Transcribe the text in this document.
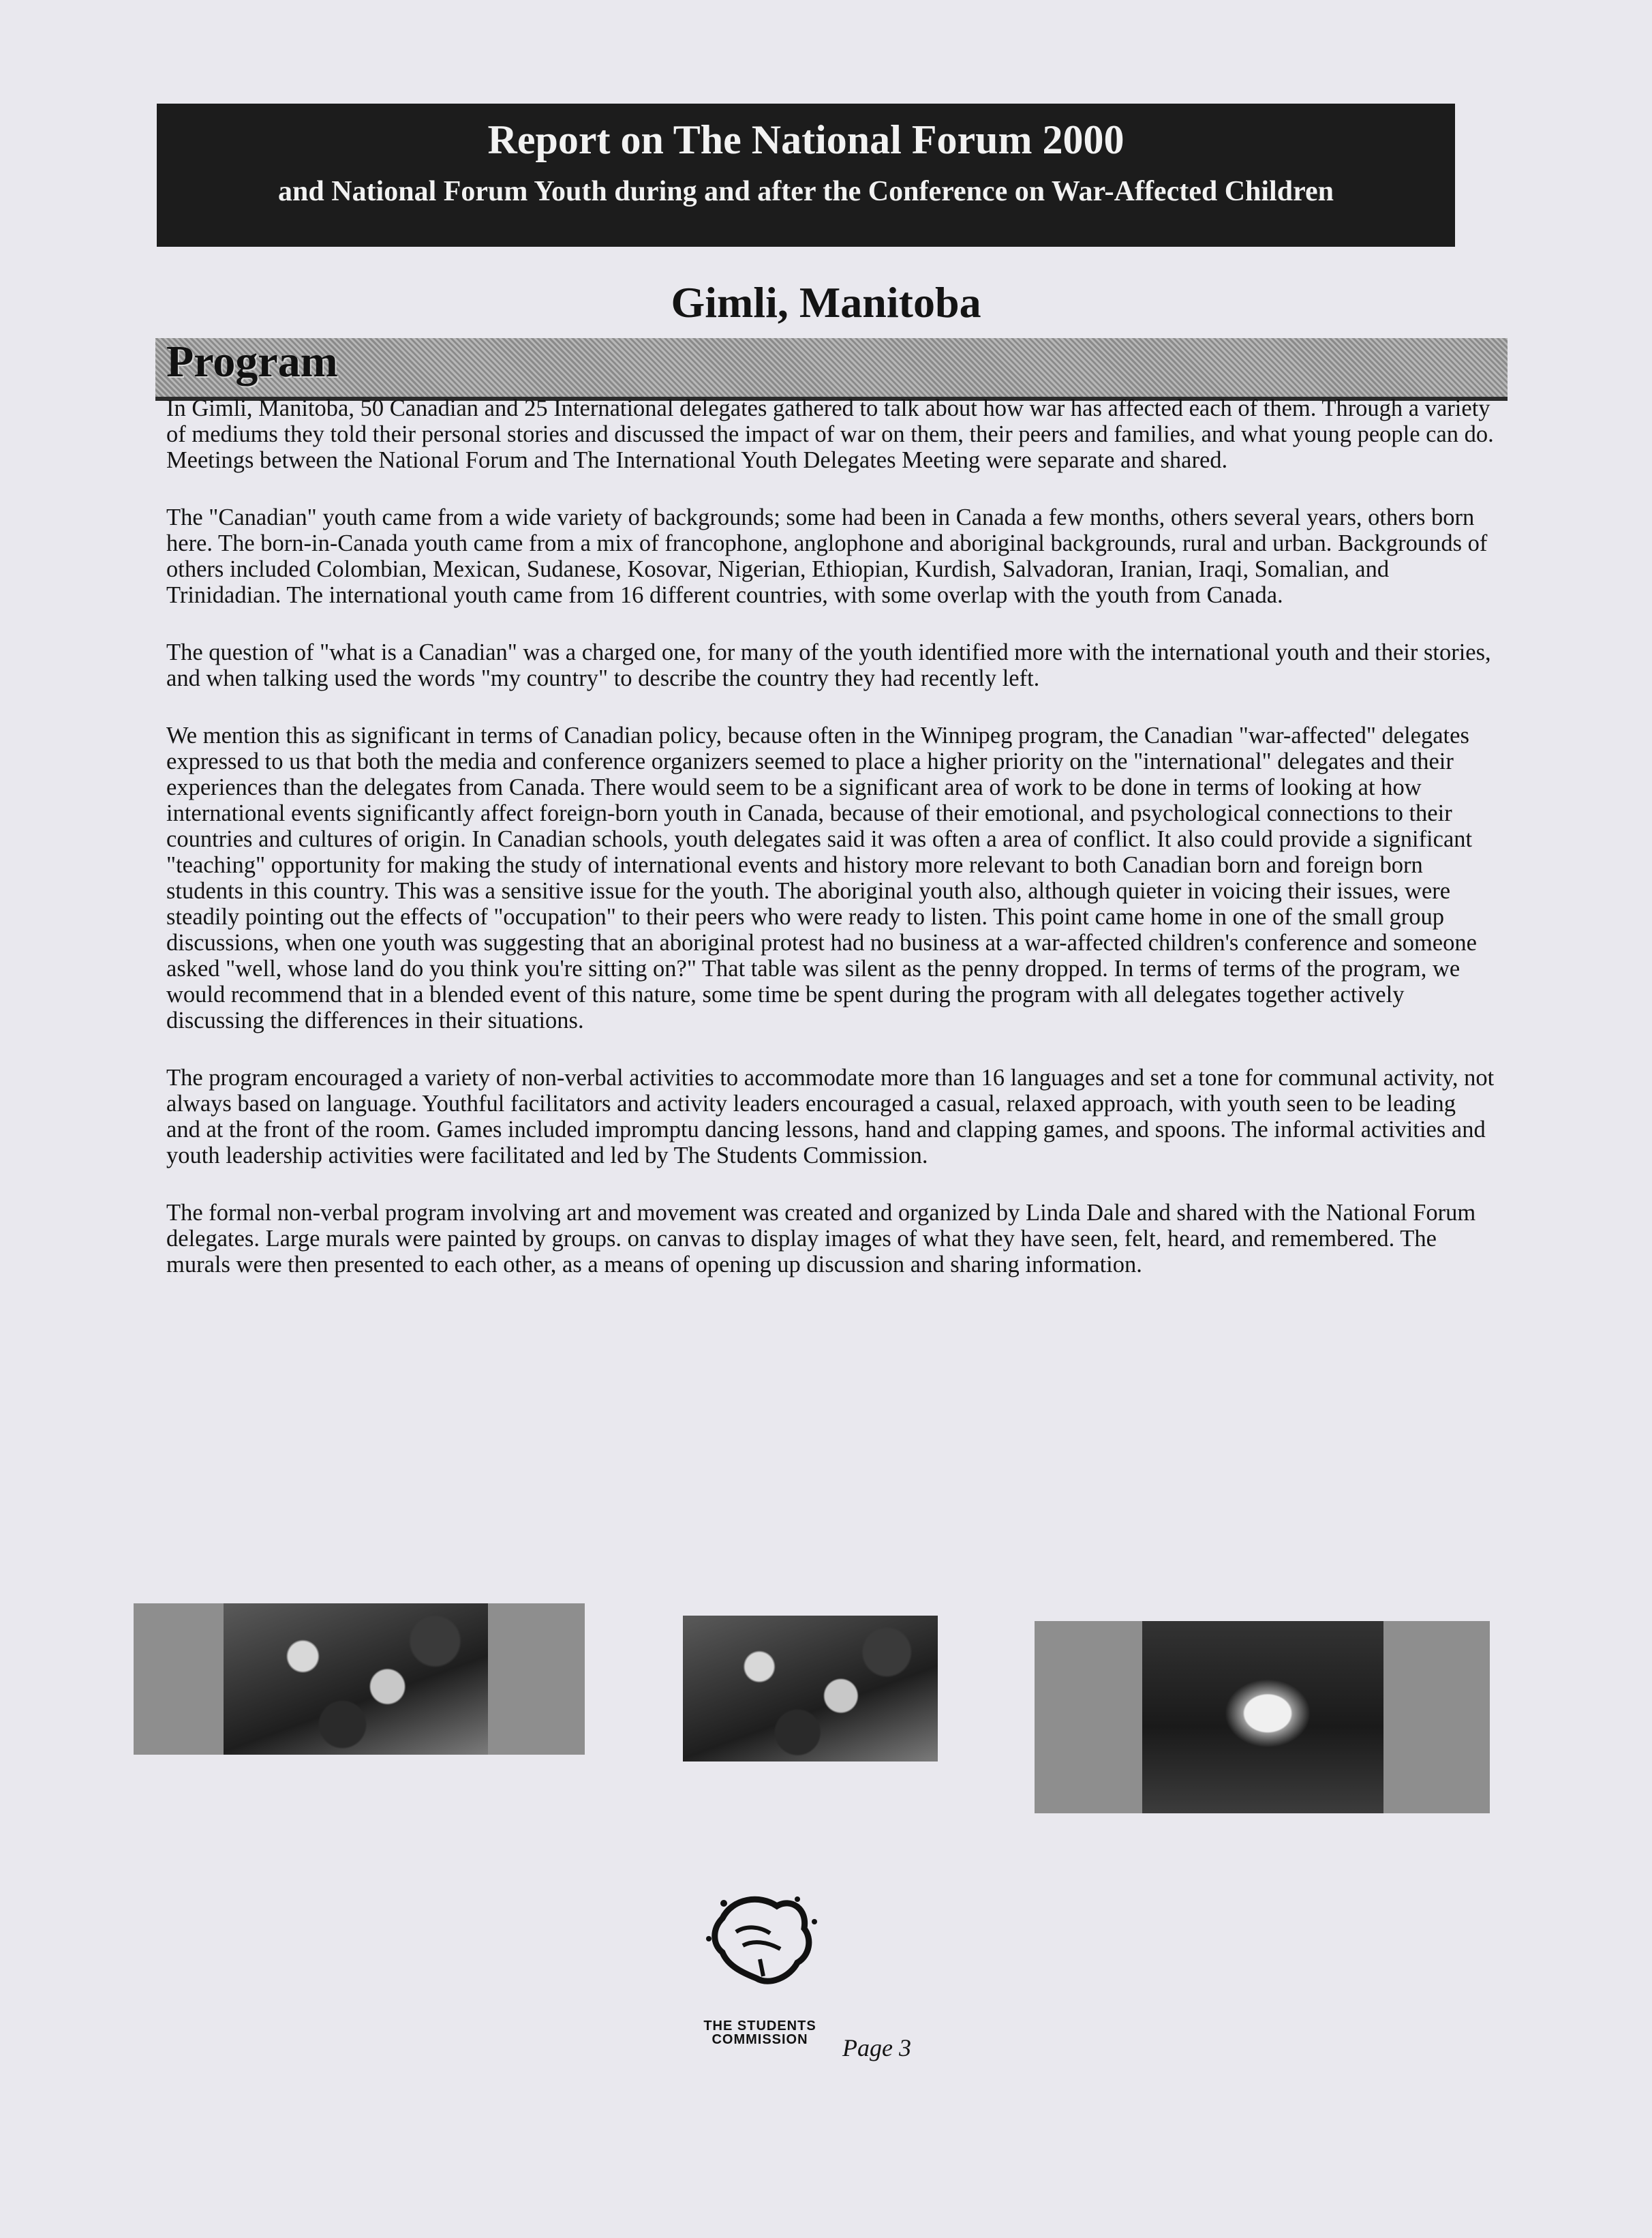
Report on The National Forum 2000
and National Forum Youth during and after the Conference on War-Affected Children
Gimli, Manitoba
Program

In Gimli, Manitoba, 50 Canadian and 25 International delegates gathered to talk about how war has affected each of them. Through a variety of mediums they told their personal stories and discussed the impact of war on them, their peers and families, and what young people can do. Meetings between the National Forum and The International Youth Delegates Meeting were separate and shared.

The "Canadian" youth came from a wide variety of backgrounds; some had been in Canada a few months, others several years, others born here. The born-in-Canada youth came from a mix of francophone, anglophone and aboriginal backgrounds, rural and urban. Backgrounds of others included Colombian, Mexican, Sudanese, Kosovar, Nigerian, Ethiopian, Kurdish, Salvadoran, Iranian, Iraqi, Somalian, and Trinidadian. The international youth came from 16 different countries, with some overlap with the youth from Canada.

The question of "what is a Canadian" was a charged one, for many of the youth identified more with the international youth and their stories, and when talking used the words "my country" to describe the country they had recently left.

We mention this as significant in terms of Canadian policy, because often in the Winnipeg program, the Canadian "war-affected" delegates expressed to us that both the media and conference organizers seemed to place a higher priority on the "international" delegates and their experiences than the delegates from Canada. There would seem to be a significant area of work to be done in terms of looking at how international events significantly affect foreign-born youth in Canada, because of their emotional, and psychological connections to their countries and cultures of origin. In Canadian schools, youth delegates said it was often a area of conflict. It also could provide a significant "teaching" opportunity for making the study of international events and history more relevant to both Canadian born and foreign born students in this country. This was a sensitive issue for the youth. The aboriginal youth also, although quieter in voicing their issues, were steadily pointing out the effects of "occupation" to their peers who were ready to listen. This point came home in one of the small group discussions, when one youth was suggesting that an aboriginal protest had no business at a war-affected children's conference and someone asked "well, whose land do you think you're sitting on?" That table was silent as the penny dropped. In terms of terms of the program, we would recommend that in a blended event of this nature, some time be spent during the program with all delegates together actively discussing the differences in their situations.

The program encouraged a variety of non-verbal activities to accommodate more than 16 languages and set a tone for communal activity, not always based on language. Youthful facilitators and activity leaders encouraged a casual, relaxed approach, with youth seen to be leading and at the front of the room. Games included impromptu dancing lessons, hand and clapping games, and spoons. The informal activities and youth leadership activities were facilitated and led by The Students Commission.

The formal non-verbal program involving art and movement was created and organized by Linda Dale and shared with the National Forum delegates. Large murals were painted by groups. on canvas to display images of what they have seen, felt, heard, and remembered. The murals were then presented to each other, as a means of opening up discussion and sharing information.

THE STUDENTS
COMMISSION	Page 3
